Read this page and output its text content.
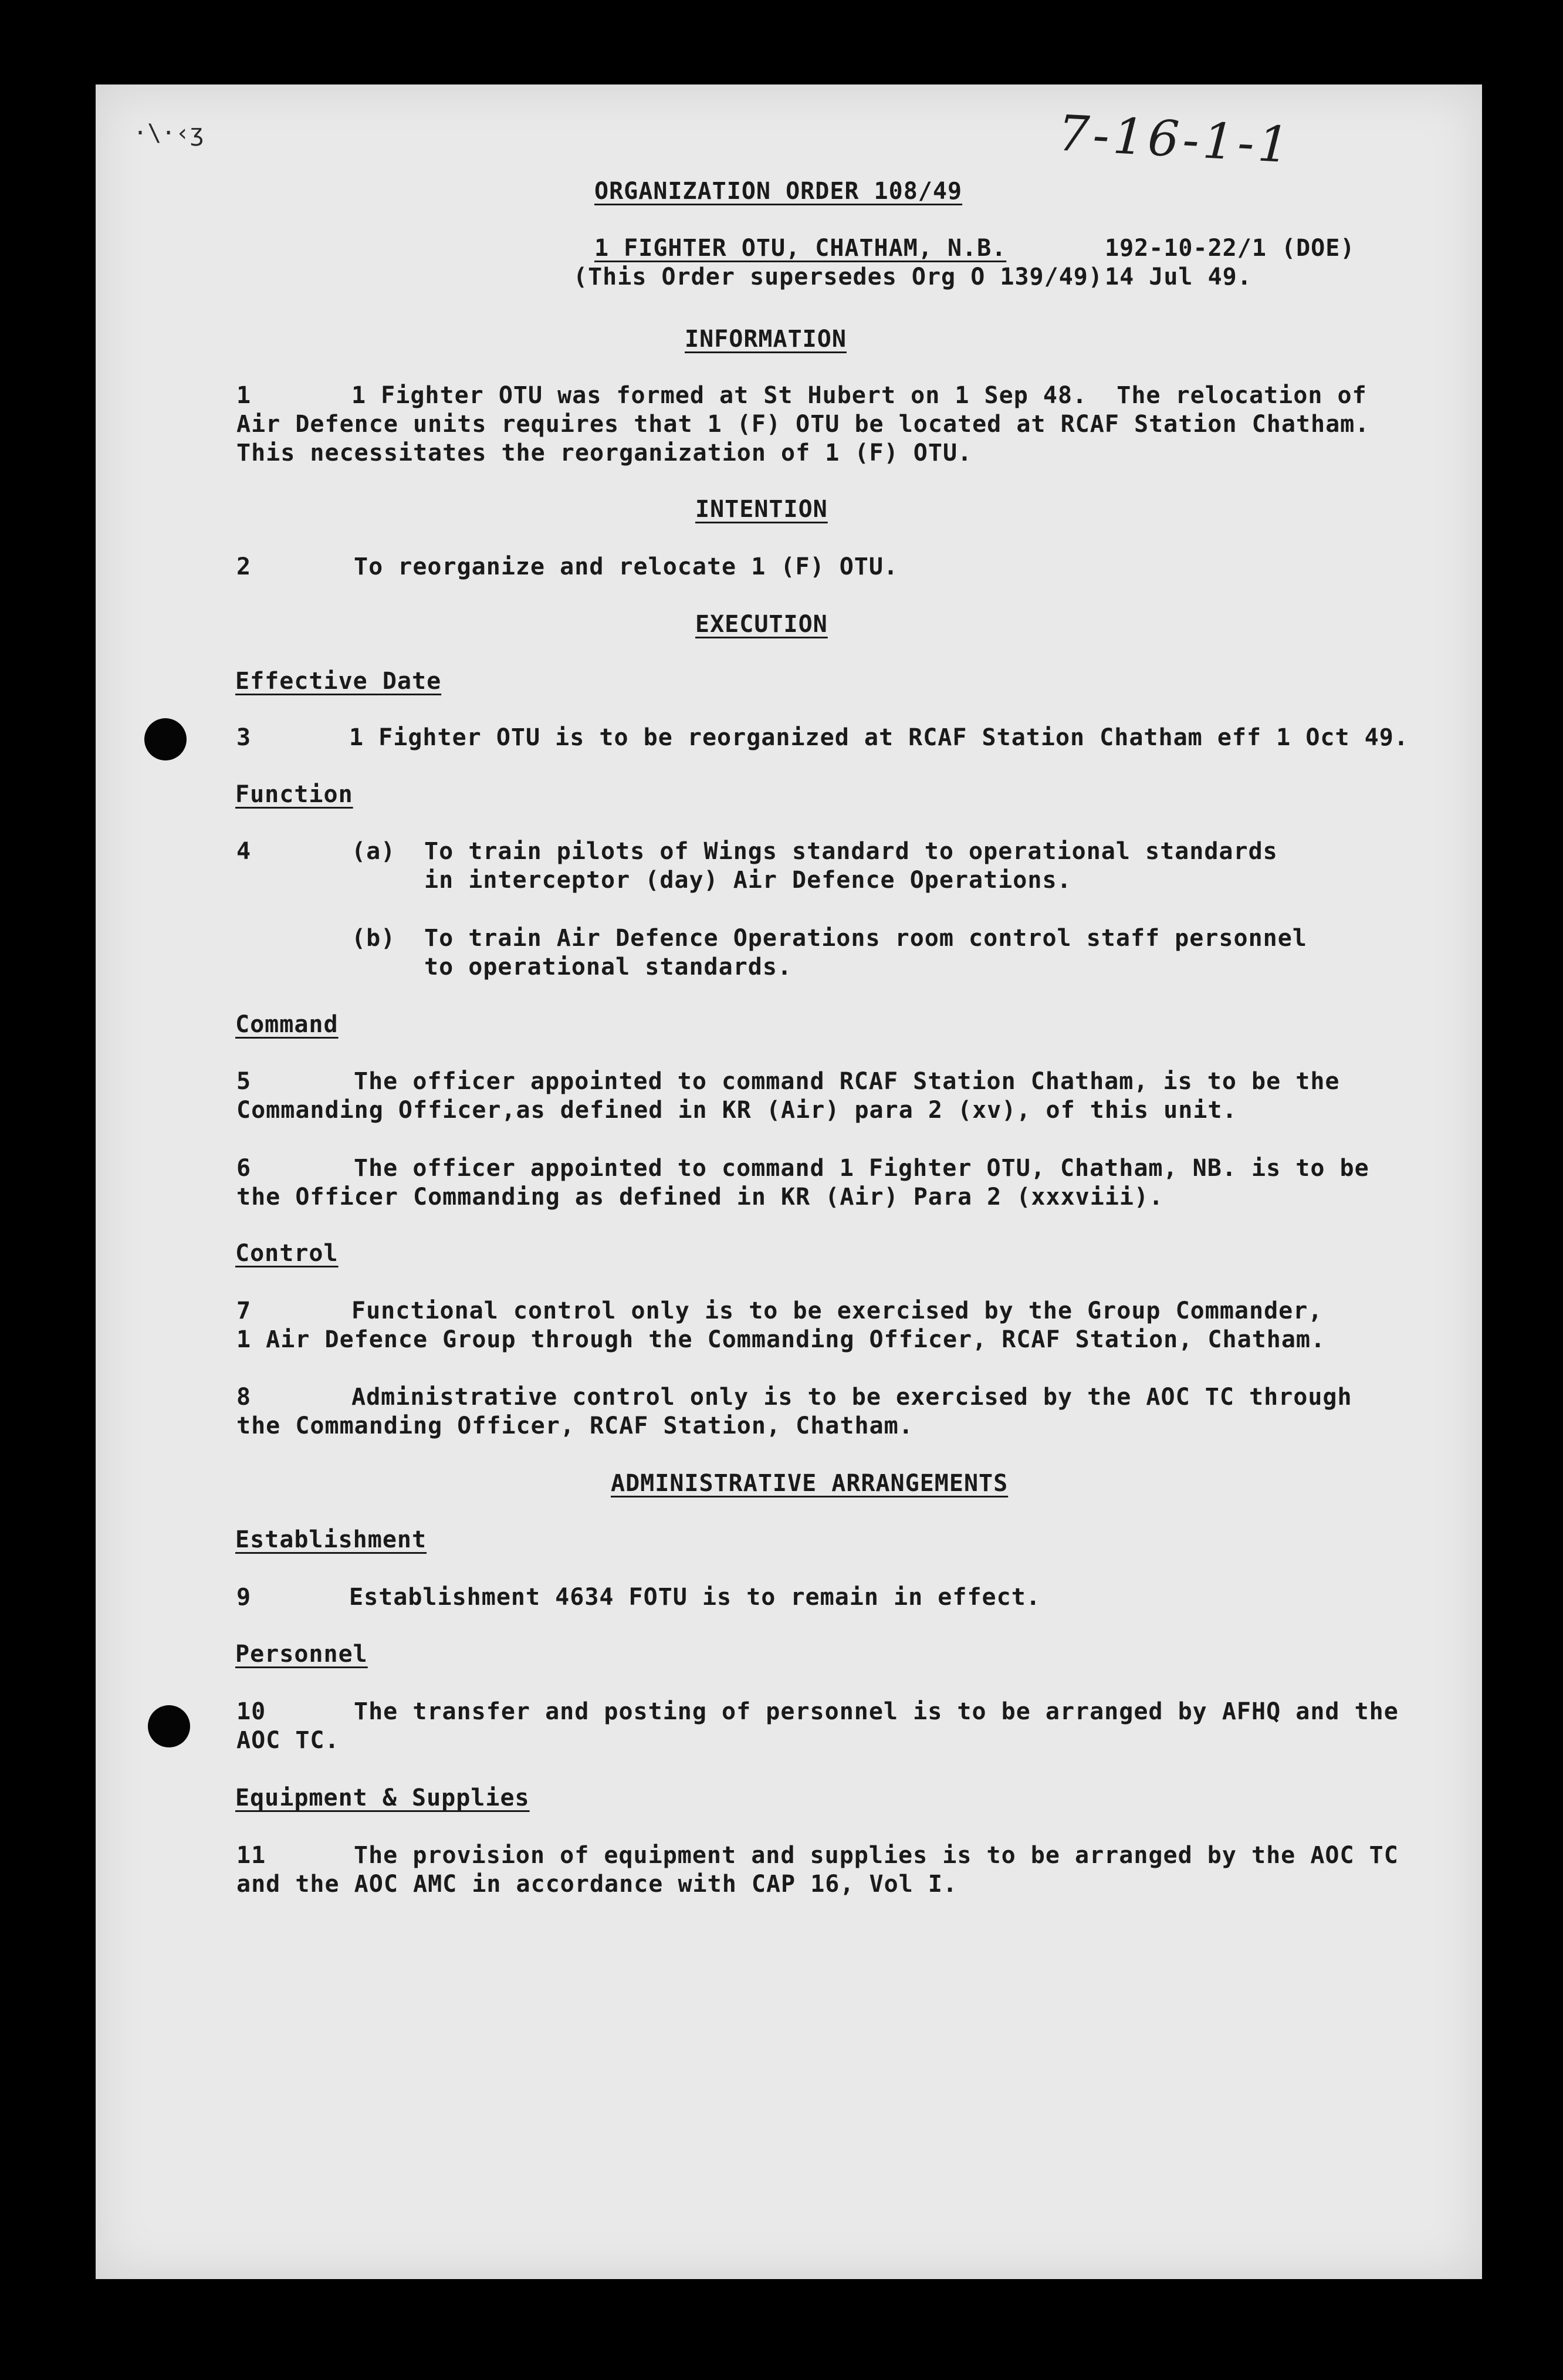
·\·‹ʒ	7-16-1-1
ORGANIZATION ORDER 108/49
1 FIGHTER OTU, CHATHAM, N.B.	192-10-22/1 (DOE)
(This Order supersedes Org O 139/49) 14 Jul 49.
INFORMATION
1	1 Fighter OTU was formed at St Hubert on 1 Sep 48.  The relocation of
Air Defence units requires that 1 (F) OTU be located at RCAF Station Chatham.
This necessitates the reorganization of 1 (F) OTU.
INTENTION
2	To reorganize and relocate 1 (F) OTU.
EXECUTION
Effective Date
3	1 Fighter OTU is to be reorganized at RCAF Station Chatham eff 1 Oct 49.
Function
4	(a) To train pilots of Wings standard to operational standards
in interceptor (day) Air Defence Operations.
(b) To train Air Defence Operations room control staff personnel
to operational standards.
Command
5	The officer appointed to command RCAF Station Chatham, is to be the
Commanding Officer,as defined in KR (Air) para 2 (xv), of this unit.
6	The officer appointed to command 1 Fighter OTU, Chatham, NB. is to be
the Officer Commanding as defined in KR (Air) Para 2 (xxxviii).
Control
7	Functional control only is to be exercised by the Group Commander,
1 Air Defence Group through the Commanding Officer, RCAF Station, Chatham.
8	Administrative control only is to be exercised by the AOC TC through
the Commanding Officer, RCAF Station, Chatham.
ADMINISTRATIVE ARRANGEMENTS
Establishment
9	Establishment 4634 FOTU is to remain in effect.
Personnel
10	The transfer and posting of personnel is to be arranged by AFHQ and the
AOC TC.
Equipment & Supplies
11	The provision of equipment and supplies is to be arranged by the AOC TC
and the AOC AMC in accordance with CAP 16, Vol I.
